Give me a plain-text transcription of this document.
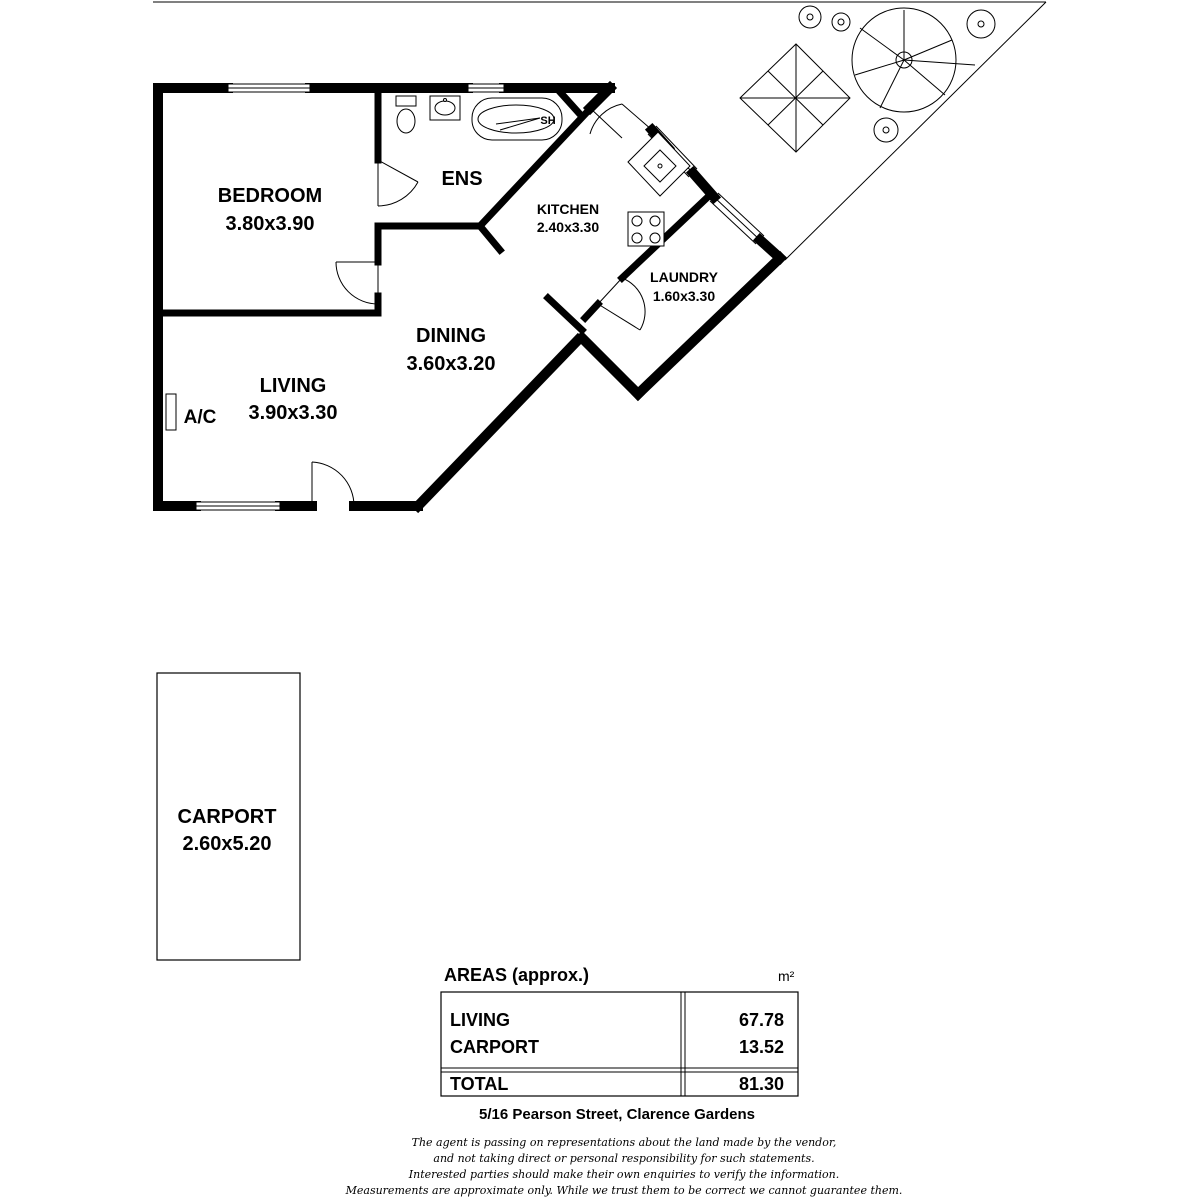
BEDROOM
3.80x3.90
ENS
SH
KITCHEN
2.40x3.30
LAUNDRY
1.60x3.30
DINING
3.60x3.20
LIVING
3.90x3.30
A/C
CARPORT
2.60x5.20
AREAS (approx.)	m²
LIVING	67.78
CARPORT	13.52
TOTAL	81.30
5/16 Pearson Street, Clarence Gardens
The agent is passing on representations about the land made by the vendor,
and not taking direct or personal responsibility for such statements.
Interested parties should make their own enquiries to verify the information.
Measurements are approximate only. While we trust them to be correct we cannot guarantee them.
